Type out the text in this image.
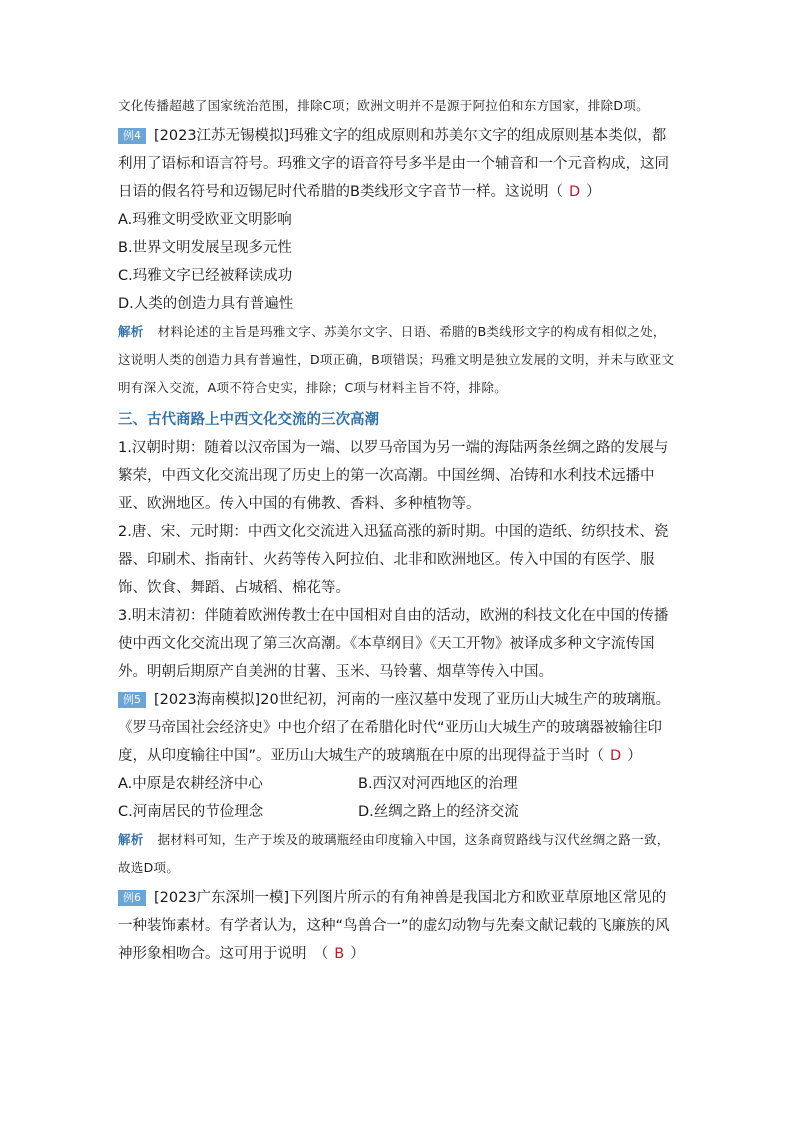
文化传播超越了国家统治范围，排除C项；欧洲文明并不是源于阿拉伯和东方国家，排除D项。

例4 [2023江苏无锡模拟]玛雅文字的组成原则和苏美尔文字的组成原则基本类似，都利用了语标和语言符号。玛雅文字的语音符号多半是由一个辅音和一个元音构成，这同日语的假名符号和迈锡尼时代希腊的B类线形文字音节一样。这说明（ D ）

A.玛雅文明受欧亚文明影响

B.世界文明发展呈现多元性

C.玛雅文字已经被释读成功

D.人类的创造力具有普遍性

解析 材料论述的主旨是玛雅文字、苏美尔文字、日语、希腊的B类线形文字的构成有相似之处，这说明人类的创造力具有普遍性，D项正确，B项错误；玛雅文明是独立发展的文明，并未与欧亚文明有深入交流，A项不符合史实，排除；C项与材料主旨不符，排除。

三、古代商路上中西文化交流的三次高潮

1.汉朝时期：随着以汉帝国为一端、以罗马帝国为另一端的海陆两条丝绸之路的发展与繁荣，中西文化交流出现了历史上的第一次高潮。中国丝绸、冶铸和水利技术远播中亚、欧洲地区。传入中国的有佛教、香料、多种植物等。

2.唐、宋、元时期：中西文化交流进入迅猛高涨的新时期。中国的造纸、纺织技术、瓷器、印刷术、指南针、火药等传入阿拉伯、北非和欧洲地区。传入中国的有医学、服饰、饮食、舞蹈、占城稻、棉花等。

3.明末清初：伴随着欧洲传教士在中国相对自由的活动，欧洲的科技文化在中国的传播使中西文化交流出现了第三次高潮。《本草纲目》《天工开物》被译成多种文字流传国外。明朝后期原产自美洲的甘薯、玉米、马铃薯、烟草等传入中国。

例5 [2023海南模拟]20世纪初，河南的一座汉墓中发现了亚历山大城生产的玻璃瓶。《罗马帝国社会经济史》中也介绍了在希腊化时代“亚历山大城生产的玻璃器被输往印度，从印度输往中国”。亚历山大城生产的玻璃瓶在中原的出现得益于当时（ D ）

A.中原是农耕经济中心	B.西汉对河西地区的治理
C.河南居民的节俭理念	D.丝绸之路上的经济交流

解析 据材料可知，生产于埃及的玻璃瓶经由印度输入中国，这条商贸路线与汉代丝绸之路一致，故选D项。

例6 [2023广东深圳一模]下列图片所示的有角神兽是我国北方和欧亚草原地区常见的一种装饰素材。有学者认为，这种“鸟兽合一”的虚幻动物与先秦文献记载的飞廉族的风神形象相吻合。这可用于说明　（ B ）
